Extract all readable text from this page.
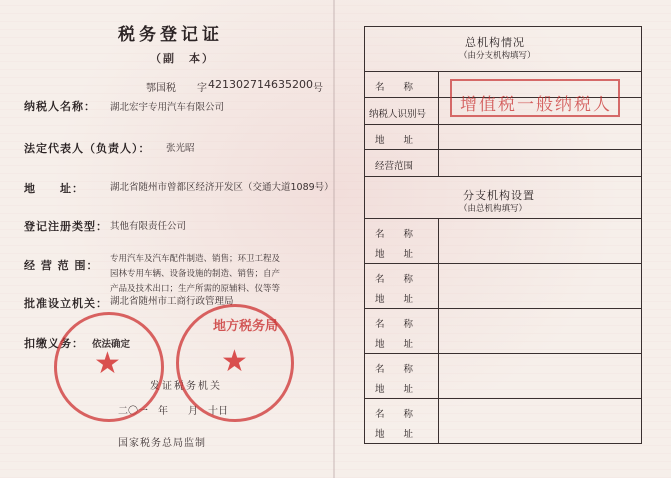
税务登记证
（副　本）
鄂国税 字 421302714635200 号
纳税人名称： 湖北宏宇专用汽车有限公司
法定代表人（负责人）： 张光昭
地　　址：	湖北省随州市曾都区经济开发区（交通大道1089号）
登记注册类型： 其他有限责任公司
经 营 范 围： 专用汽车及汽车配件制造、销售；环卫工程及
园林专用车辆、设备设施的制造、销售；自产
产品及技术出口；生产所需的原辅料、仪等等
批准设立机关： 湖北省随州市工商行政管理局
扣缴义务： 依法确定
发证税务机关
二〇一　年　　月　十日
国家税务总局监制
★	★
地方税务局
总机构情况
（由分支机构填写）
名　　称
纳税人识别号
地　　址
经营范围
分支机构设置
（由总机构填写）
名　　称
地　　址
名　　称
地　　址
名　　称
地　　址
名　　称
地　　址
名　　称
地　　址
增值税一般纳税人
